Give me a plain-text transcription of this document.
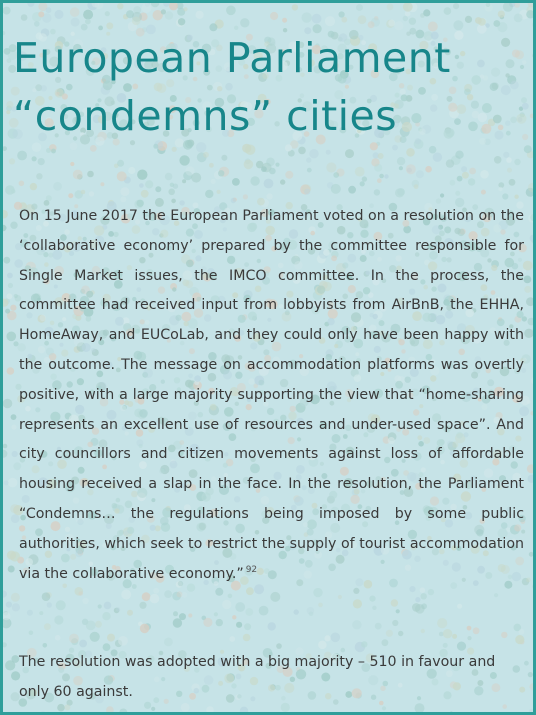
European Parliament “condemns” cities

On 15 June 2017 the European Parliament voted on a resolution on the ‘collaborative economy’ prepared by the committee responsible for Single Market issues, the IMCO committee. In the process, the committee had received input from lobbyists from AirBnB, the EHHA, HomeAway, and EUCoLab, and they could only have been happy with the outcome. The message on accommodation platforms was overtly positive, with a large majority supporting the view that “home-sharing represents an excellent use of resources and under-used space”. And city councillors and citizen movements against loss of affordable housing received a slap in the face. In the resolution, the Parliament “Condemns… the regulations being imposed by some public authorities, which seek to restrict the supply of tourist accommodation via the collaborative economy.” $^{92}$

The resolution was adopted with a big majority – 510 in favour and only 60 against.
